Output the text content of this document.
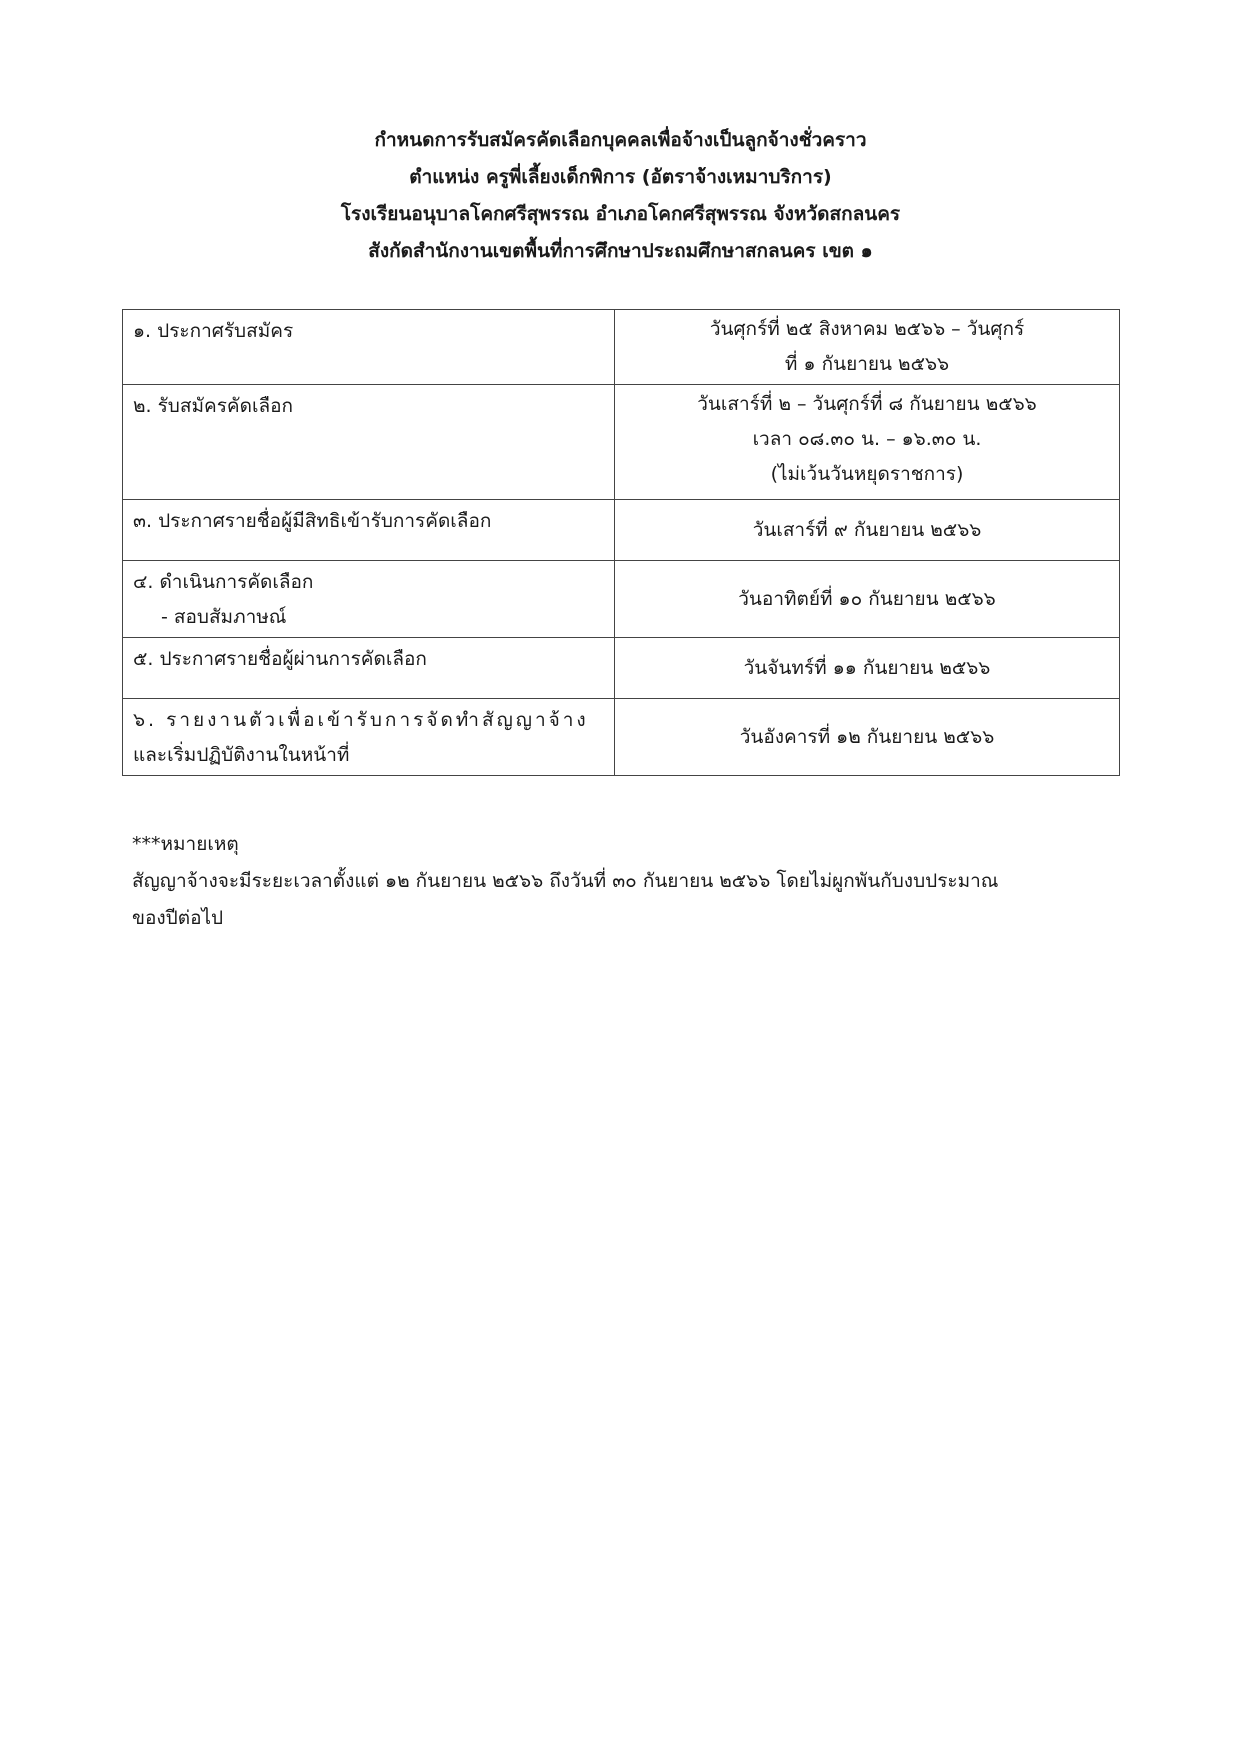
กำหนดการรับสมัครคัดเลือกบุคคลเพื่อจ้างเป็นลูกจ้างชั่วคราว
ตำแหน่ง ครูพี่เลี้ยงเด็กพิการ (อัตราจ้างเหมาบริการ)
โรงเรียนอนุบาลโคกศรีสุพรรณ อำเภอโคกศรีสุพรรณ จังหวัดสกลนคร
สังกัดสำนักงานเขตพื้นที่การศึกษาประถมศึกษาสกลนคร เขต ๑
๑. ประกาศรับสมัคร	วันศุกร์ที่ ๒๕ สิงหาคม ๒๕๖๖ – วันศุกร์
ที่ ๑ กันยายน ๒๕๖๖

๒. รับสมัครคัดเลือก	วันเสาร์ที่ ๒ – วันศุกร์ที่ ๘ กันยายน ๒๕๖๖
เวลา ๐๘.๓๐ น. – ๑๖.๓๐ น.
(ไม่เว้นวันหยุดราชการ)

๓. ประกาศรายชื่อผู้มีสิทธิเข้ารับการคัดเลือก	วันเสาร์ที่ ๙ กันยายน ๒๕๖๖

๔. ดำเนินการคัดเลือก
- สอบสัมภาษณ์	วันอาทิตย์ที่ ๑๐ กันยายน ๒๕๖๖

๕. ประกาศรายชื่อผู้ผ่านการคัดเลือก	วันจันทร์ที่ ๑๑ กันยายน ๒๕๖๖

๖. รายงานตัวเพื่อเข้ารับการจัดทำสัญญาจ้าง
และเริ่มปฏิบัติงานในหน้าที่	วันอังคารที่ ๑๒ กันยายน ๒๕๖๖
***หมายเหตุ
สัญญาจ้างจะมีระยะเวลาตั้งแต่ ๑๒ กันยายน ๒๕๖๖ ถึงวันที่ ๓๐ กันยายน ๒๕๖๖ โดยไม่ผูกพันกับงบประมาณ
ของปีต่อไป
